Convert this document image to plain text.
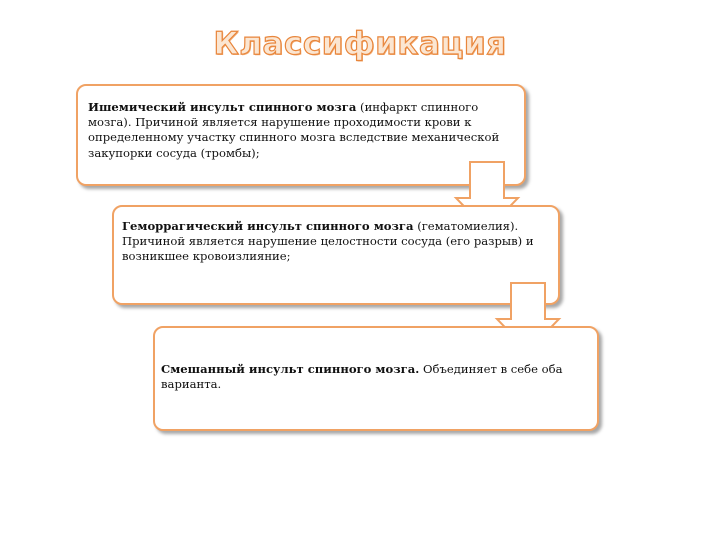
Классификация
Ишемический инсульт спинного мозга (инфаркт спинного мозга). Причиной является нарушение проходимости крови к определенному участку спинного мозга вследствие механической закупорки сосуда (тромбы);
Геморрагический инсульт спинного мозга (гематомиелия). Причиной является нарушение целостности сосуда (его разрыв) и возникшее кровоизлияние;
Смешанный инсульт спинного мозга. Объединяет в себе оба варианта.
